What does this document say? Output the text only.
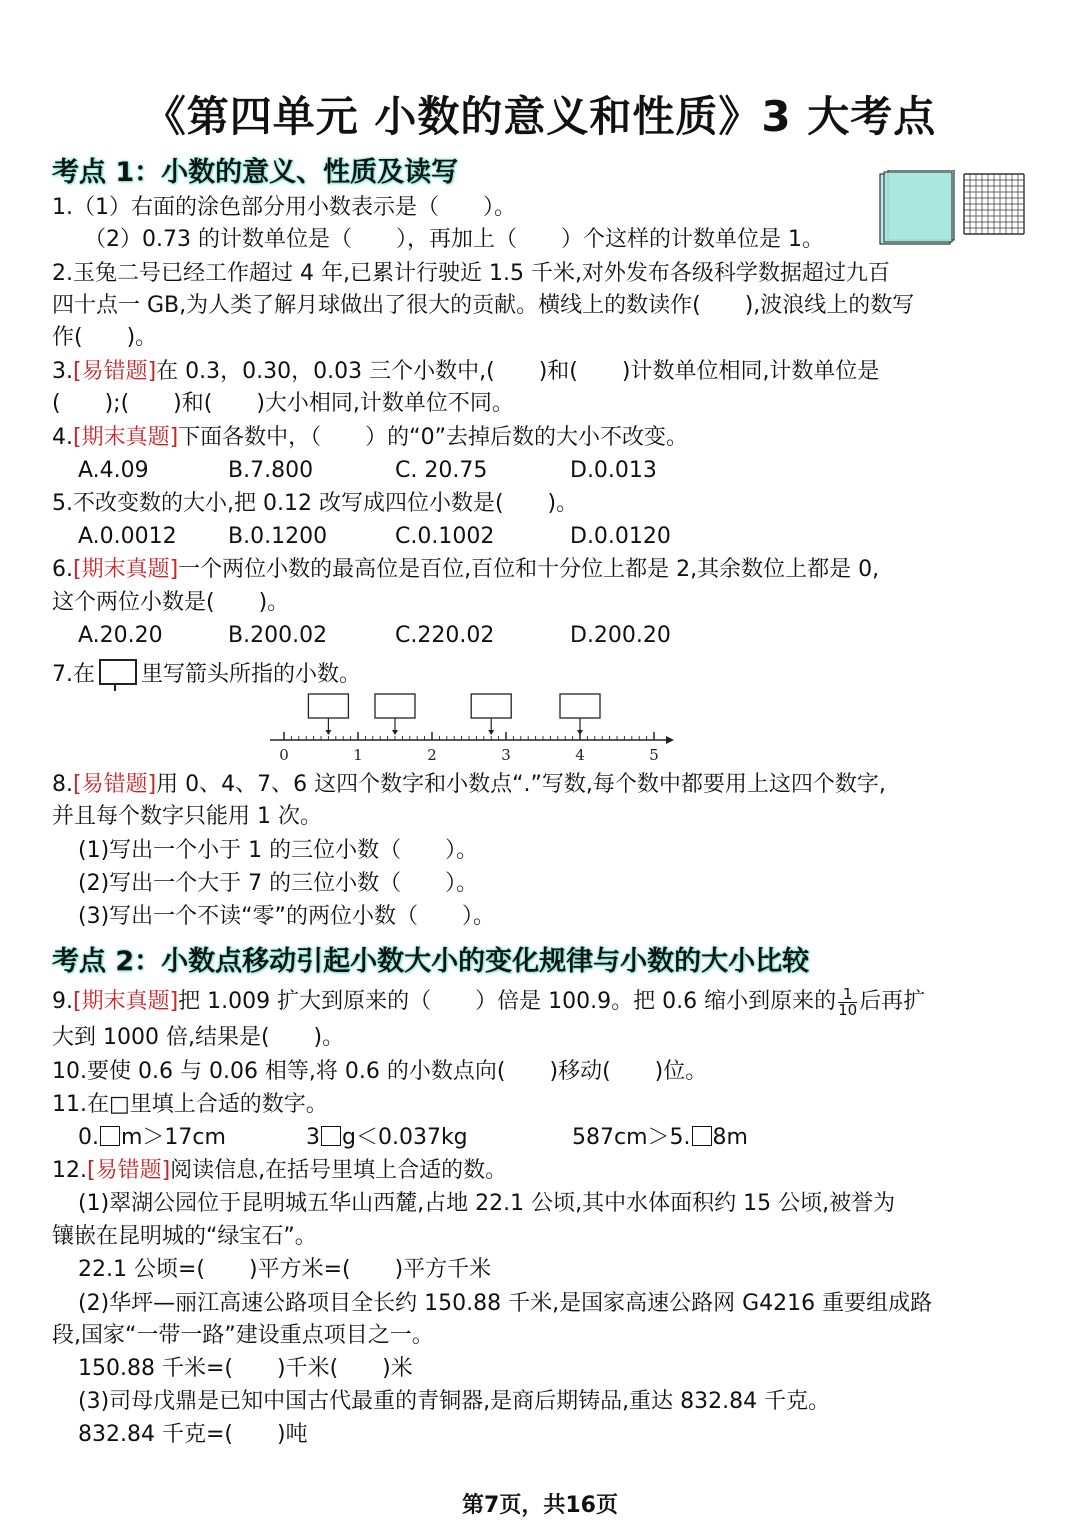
《第四单元 小数的意义和性质》3 大考点
考点 1：小数的意义、性质及读写
1.（1）右面的涂色部分用小数表示是（　　）。
（2）0.73 的计数单位是（　　），再加上（　　）个这样的计数单位是 1。
2.玉兔二号已经工作超过 4 年,已累计行驶近 1.5 千米,对外发布各级科学数据超过九百
四十点一 GB,为人类了解月球做出了很大的贡献。横线上的数读作(　　),波浪线上的数写
作(　　)。
3.[易错题]在 0.3，0.30，0.03 三个小数中,(　　)和(　　)计数单位相同,计数单位是
(　　);(　　)和(　　)大小相同,计数单位不同。
4.[期末真题]下面各数中，（　　）的“0”去掉后数的大小不改变。
A.4.09	B.7.800	C. 20.75	D.0.013
5.不改变数的大小,把 0.12 改写成四位小数是(　　)。
A.0.0012 B.0.1200	C.0.1002	D.0.0120
6.[期末真题]一个两位小数的最高位是百位,百位和十分位上都是 2,其余数位上都是 0,
这个两位小数是(　　)。
A.20.20	B.200.02	C.220.02	D.200.20
7.在 里写箭头所指的小数。
0	1	2	3	4	5
8.[易错题]用 0、4、7、6 这四个数字和小数点“.”写数,每个数中都要用上这四个数字,
并且每个数字只能用 1 次。
(1)写出一个小于 1 的三位小数（　　）。
(2)写出一个大于 7 的三位小数（　　）。
(3)写出一个不读“零”的两位小数（　　）。
考点 2：小数点移动引起小数大小的变化规律与小数的大小比较
9.[期末真题]把 1.009 扩大到原来的（　　）倍是 100.9。把 0.6 缩小到原来的 $\frac{1}{10}$ 后再扩
大到 1000 倍,结果是(　　)。
10.要使 0.6 与 0.06 相等,将 0.6 的小数点向(　　)移动(　　)位。
11.在□里填上合适的数字。
0. m＞17cm	3 g＜0.037kg	587cm＞5. 8m
12.[易错题]阅读信息,在括号里填上合适的数。
(1)翠湖公园位于昆明城五华山西麓,占地 22.1 公顷,其中水体面积约 15 公顷,被誉为
镶嵌在昆明城的“绿宝石”。
22.1 公顷=(　　)平方米=(　　)平方千米
(2)华坪—丽江高速公路项目全长约 150.88 千米,是国家高速公路网 G4216 重要组成路
段,国家“一带一路”建设重点项目之一。
150.88 千米=(　　)千米(　　)米
(3)司母戊鼎是已知中国古代最重的青铜器,是商后期铸品,重达 832.84 千克。
832.84 千克=(　　)吨
第7页，共16页
